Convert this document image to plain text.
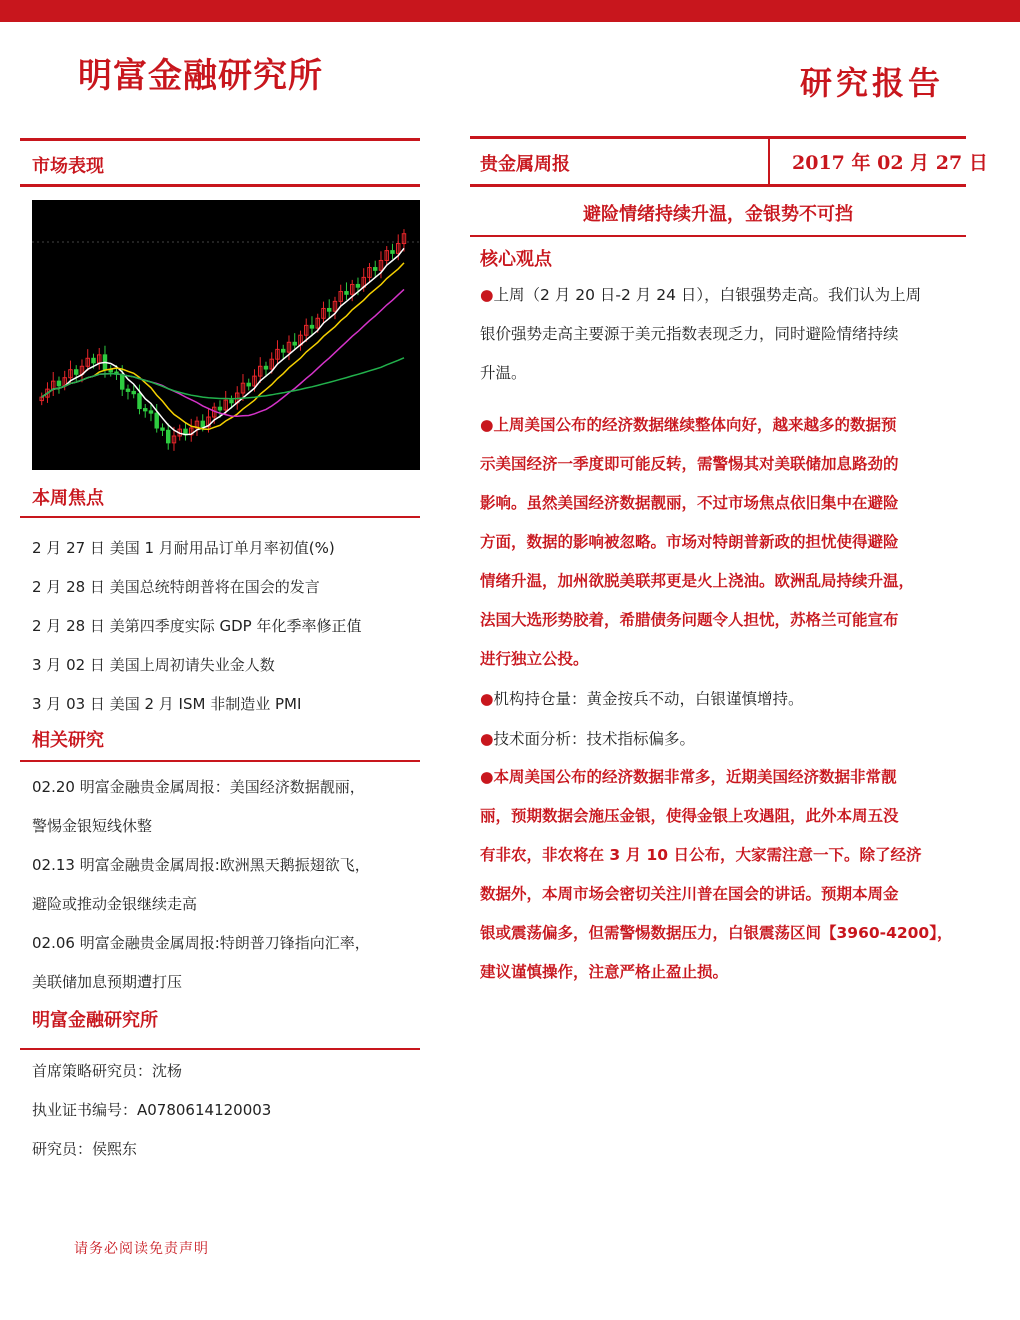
明富金融研究所	研究报告
市场表现
本周焦点
2 月 27 日 美国 1 月耐用品订单月率初值(%)
2 月 28 日 美国总统特朗普将在国会的发言
2 月 28 日 美第四季度实际 GDP 年化季率修正值
3 月 02 日 美国上周初请失业金人数
3 月 03 日 美国 2 月 ISM 非制造业 PMI
相关研究
02.20 明富金融贵金属周报：美国经济数据靓丽，
警惕金银短线休整
02.13 明富金融贵金属周报:欧洲黑天鹅振翅欲飞，
避险或推动金银继续走高
02.06 明富金融贵金属周报:特朗普刀锋指向汇率，
美联储加息预期遭打压
明富金融研究所
首席策略研究员：沈杨
执业证书编号：A0780614120003
研究员：侯熙东
贵金属周报	2017 年 02 月 27 日
避险情绪持续升温，金银势不可挡
核心观点
●上周（2 月 20 日-2 月 24 日），白银强势走高。我们认为上周
银价强势走高主要源于美元指数表现乏力，同时避险情绪持续
升温。
●上周美国公布的经济数据继续整体向好，越来越多的数据预
示美国经济一季度即可能反转，需警惕其对美联储加息路劲的
影响。虽然美国经济数据靓丽，不过市场焦点依旧集中在避险
方面，数据的影响被忽略。市场对特朗普新政的担忧使得避险
情绪升温，加州欲脱美联邦更是火上浇油。欧洲乱局持续升温，
法国大选形势胶着，希腊债务问题令人担忧，苏格兰可能宣布
进行独立公投。
●机构持仓量：黄金按兵不动，白银谨慎增持。
●技术面分析：技术指标偏多。
●本周美国公布的经济数据非常多，近期美国经济数据非常靓
丽，预期数据会施压金银，使得金银上攻遇阻，此外本周五没
有非农，非农将在 3 月 10 日公布，大家需注意一下。除了经济
数据外，本周市场会密切关注川普在国会的讲话。预期本周金
银或震荡偏多，但需警惕数据压力，白银震荡区间【3960-4200】，
建议谨慎操作，注意严格止盈止损。
请务必阅读免责声明
